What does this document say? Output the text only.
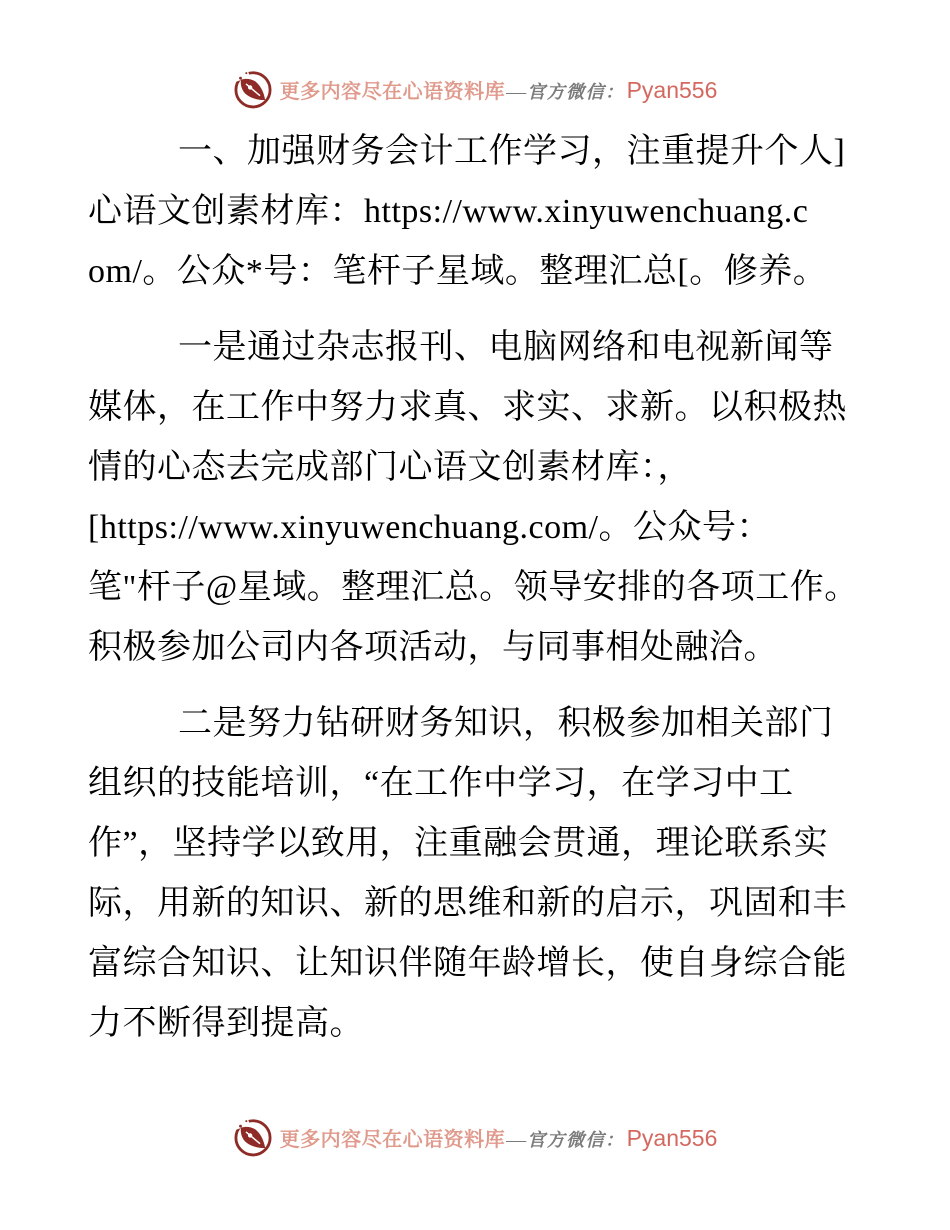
更多内容尽在心语资料库 — 官方微信： Pyan556
一、加强财务会计工作学习，注重提升个人]
心语文创素材库：https://www.xinyuwenchuang.c
om/。公众*号：笔杆子星域。整理汇总[。修养。
一是通过杂志报刊、电脑网络和电视新闻等
媒体，在工作中努力求真、求实、求新。以积极热
情的心态去完成部门心语文创素材库：，
[https://www.xinyuwenchuang.com/。公众号：
笔"杆子@星域。整理汇总。领导安排的各项工作。
积极参加公司内各项活动，与同事相处融洽。
二是努力钻研财务知识，积极参加相关部门
组织的技能培训，“在工作中学习，在学习中工
作”，坚持学以致用，注重融会贯通，理论联系实
际，用新的知识、新的思维和新的启示，巩固和丰
富综合知识、让知识伴随年龄增长，使自身综合能
力不断得到提高。
更多内容尽在心语资料库 — 官方微信： Pyan556
